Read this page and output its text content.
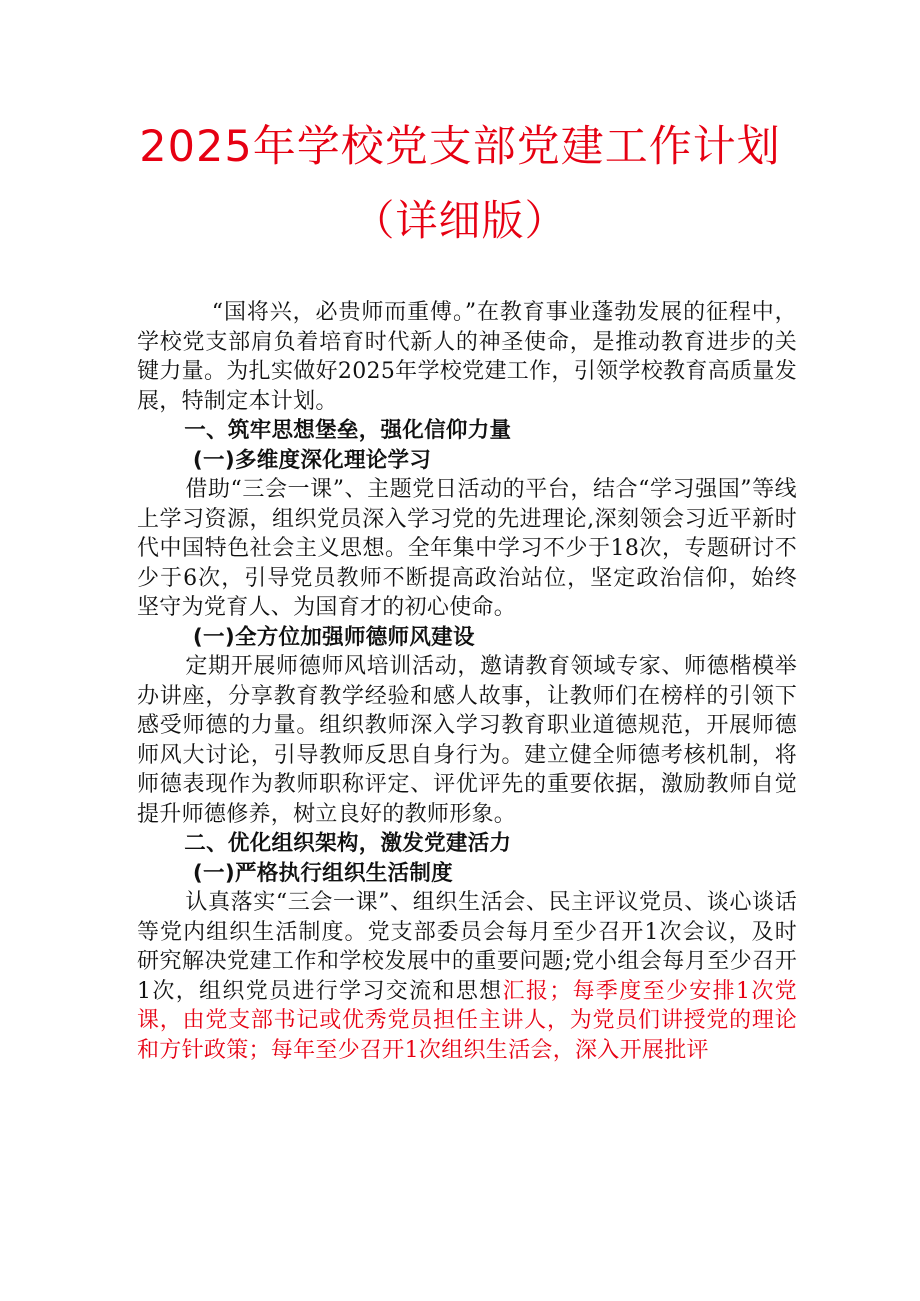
2025年学校党支部党建工作计划
（详细版）

“国将兴，必贵师而重傅。”在教育事业蓬勃发展的征程中，学校党支部肩负着培育时代新人的神圣使命，是推动教育进步的关键力量。为扎实做好2025年学校党建工作，引领学校教育高质量发展，特制定本计划。

一、筑牢思想堡垒，强化信仰力量

(一)多维度深化理论学习

借助“三会一课”、主题党日活动的平台，结合“学习强国”等线上学习资源，组织党员深入学习党的先进理论,深刻领会习近平新时代中国特色社会主义思想。全年集中学习不少于18次，专题研讨不少于6次，引导党员教师不断提高政治站位，坚定政治信仰，始终坚守为党育人、为国育才的初心使命。

(一)全方位加强师德师风建设

定期开展师德师风培训活动，邀请教育领域专家、师德楷模举办讲座，分享教育教学经验和感人故事，让教师们在榜样的引领下感受师德的力量。组织教师深入学习教育职业道德规范，开展师德师风大讨论，引导教师反思自身行为。建立健全师德考核机制，将师德表现作为教师职称评定、评优评先的重要依据，激励教师自觉提升师德修养，树立良好的教师形象。

二、优化组织架构，激发党建活力

(一)严格执行组织生活制度

认真落实“三会一课”、组织生活会、民主评议党员、谈心谈话等党内组织生活制度。党支部委员会每月至少召开1次会议，及时研究解决党建工作和学校发展中的重要问题;党小组会每月至少召开1次，组织党员进行学习交流和思想汇报；每季度至少安排1次党课，由党支部书记或优秀党员担任主讲人，为党员们讲授党的理论和方针政策；每年至少召开1次组织生活会，深入开展批评
